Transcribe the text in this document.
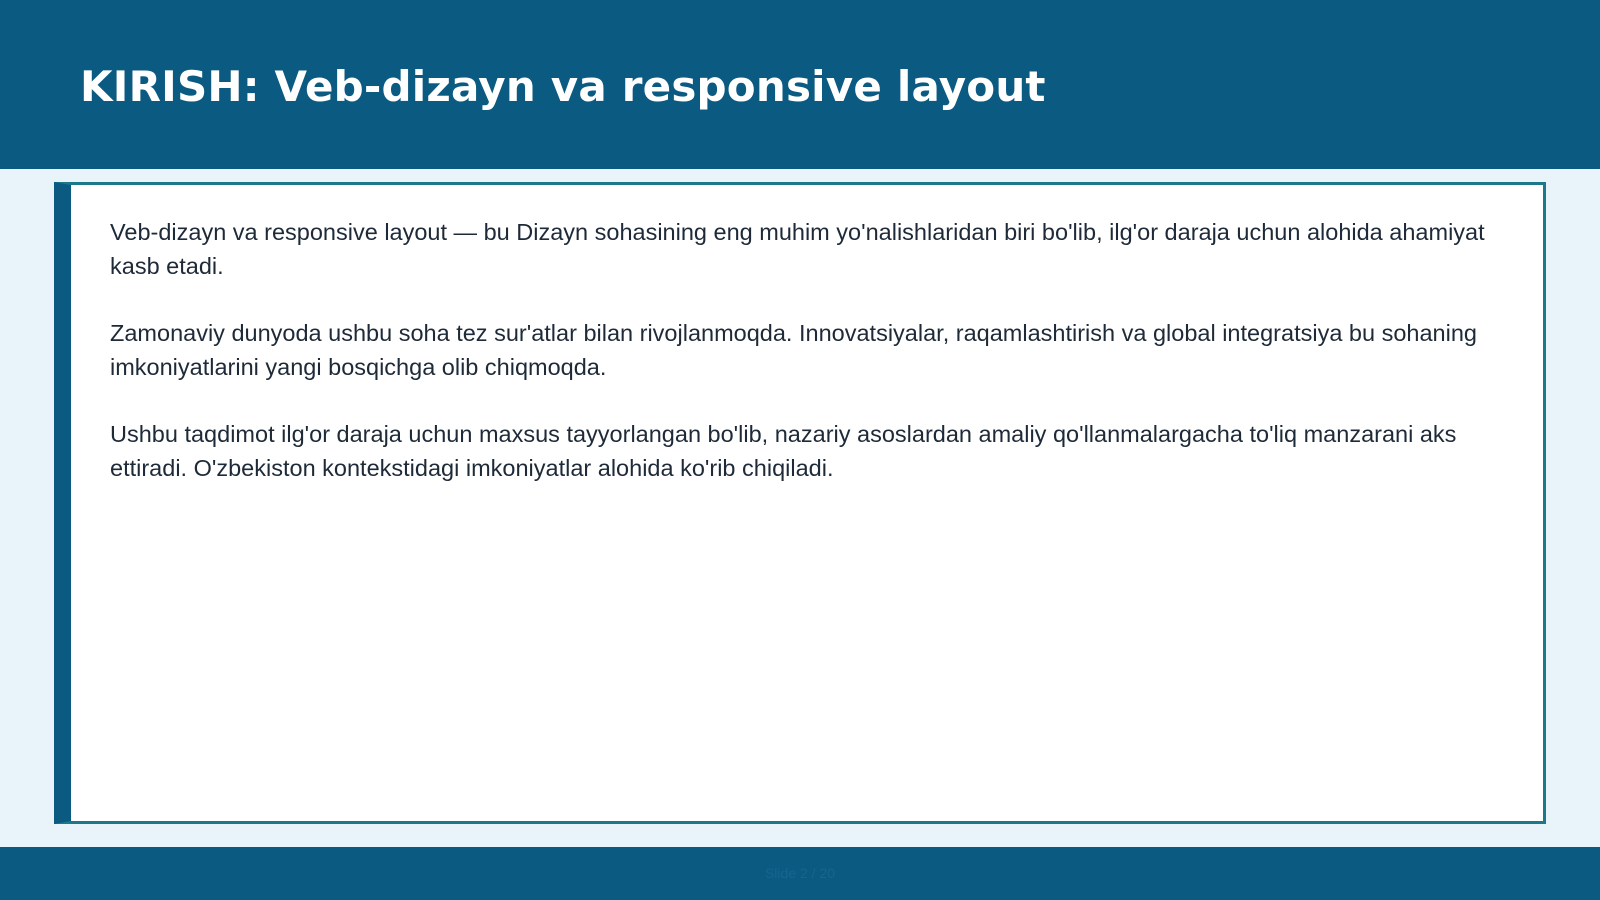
KIRISH: Veb-dizayn va responsive layout

Veb-dizayn va responsive layout — bu Dizayn sohasining eng muhim yo'nalishlaridan biri bo'lib, ilg'or daraja uchun alohida ahamiyat kasb etadi.

Zamonaviy dunyoda ushbu soha tez sur'atlar bilan rivojlanmoqda. Innovatsiyalar, raqamlashtirish va global integratsiya bu sohaning imkoniyatlarini yangi bosqichga olib chiqmoqda.

Ushbu taqdimot ilg'or daraja uchun maxsus tayyorlangan bo'lib, nazariy asoslardan amaliy qo'llanmalargacha to'liq manzarani aks ettiradi. O'zbekiston kontekstidagi imkoniyatlar alohida ko'rib chiqiladi.

Slide 2 / 20
